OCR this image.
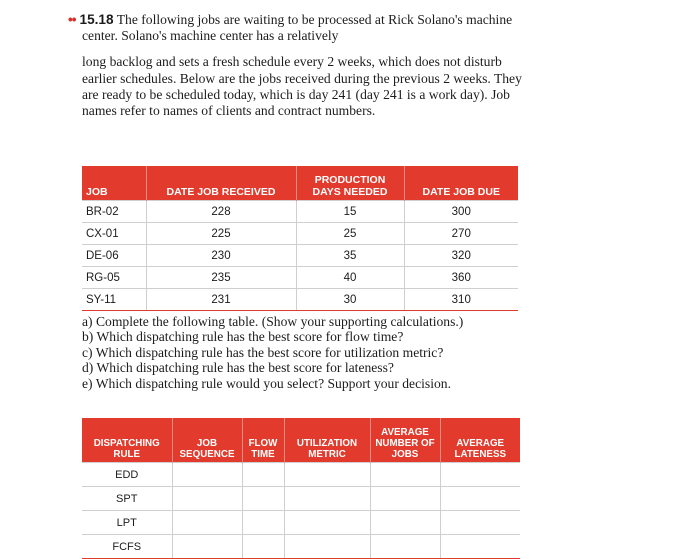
•• 15.18 The following jobs are waiting to be processed at Rick Solano's machine center. Solano's machine center has a relatively

long backlog and sets a fresh schedule every 2 weeks, which does not disturb earlier schedules. Below are the jobs received during the previous 2 weeks. They are ready to be scheduled today, which is day 241 (day 241 is a work day). Job names refer to names of clients and contract numbers.

JOB	DATE JOB RECEIVED	PRODUCTION DAYS NEEDED	DATE JOB DUE
BR-02	228	15	300
CX-01	225	25	270
DE-06	230	35	320
RG-05	235	40	360
SY-11	231	30	310

a) Complete the following table. (Show your supporting calculations.)

b) Which dispatching rule has the best score for flow time?

c) Which dispatching rule has the best score for utilization metric?

d) Which dispatching rule has the best score for lateness?

e) Which dispatching rule would you select? Support your decision.

DISPATCHING RULE	JOB SEQUENCE	FLOW TIME	UTILIZATION METRIC	AVERAGE NUMBER OF JOBS	AVERAGE LATENESS
EDD					
SPT					
LPT					
FCFS					
